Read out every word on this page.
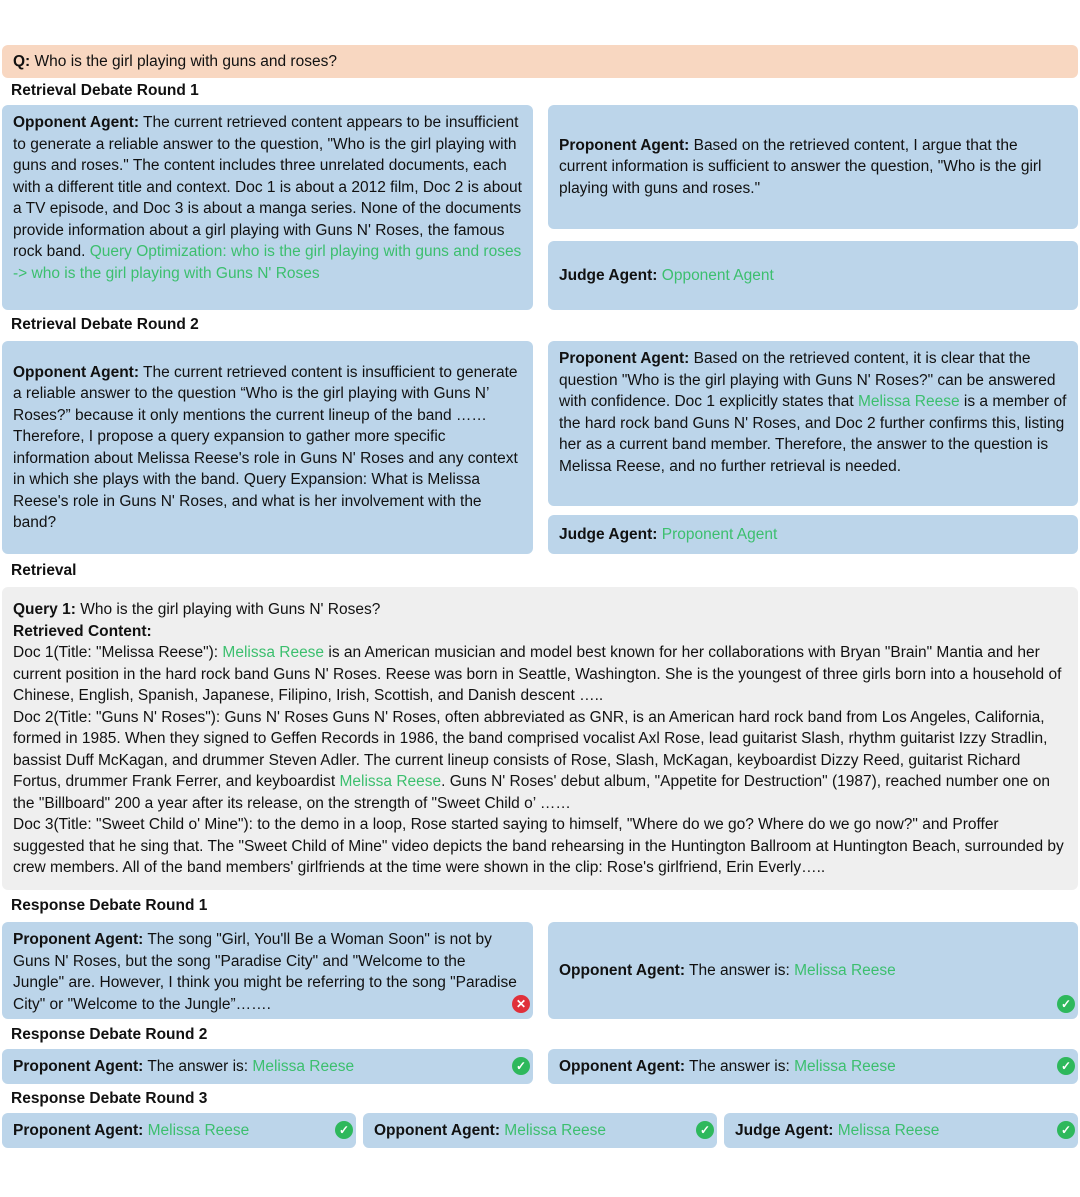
Q: Who is the girl playing with guns and roses?
Retrieval Debate Round 1
Opponent Agent: The current retrieved content appears to be insufficient to generate a reliable answer to the question, "Who is the girl playing with guns and roses." The content includes three unrelated documents, each with a different title and context. Doc 1 is about a 2012 film, Doc 2 is about a TV episode, and Doc 3 is about a manga series. None of the documents provide information about a girl playing with Guns N' Roses, the famous rock band. Query Optimization: who is the girl playing with guns and roses -> who is the girl playing with Guns N' Roses
Proponent Agent: Based on the retrieved content, I argue that the current information is sufficient to answer the question, "Who is the girl playing with guns and roses."
Judge Agent: Opponent Agent
Retrieval Debate Round 2
Opponent Agent: The current retrieved content is insufficient to generate a reliable answer to the question “Who is the girl playing with Guns N’ Roses?” because it only mentions the current lineup of the band …… Therefore, I propose a query expansion to gather more specific information about Melissa Reese's role in Guns N' Roses and any context in which she plays with the band. Query Expansion: What is Melissa Reese's role in Guns N' Roses, and what is her involvement with the band?
Proponent Agent: Based on the retrieved content, it is clear that the question "Who is the girl playing with Guns N' Roses?" can be answered with confidence. Doc 1 explicitly states that Melissa Reese is a member of the hard rock band Guns N' Roses, and Doc 2 further confirms this, listing her as a current band member. Therefore, the answer to the question is Melissa Reese, and no further retrieval is needed.
Judge Agent: Proponent Agent
Retrieval
Query 1: Who is the girl playing with Guns N' Roses?
Retrieved Content:
Doc 1(Title: "Melissa Reese"): Melissa Reese is an American musician and model best known for her collaborations with Bryan "Brain" Mantia and her current position in the hard rock band Guns N' Roses. Reese was born in Seattle, Washington. She is the youngest of three girls born into a household of Chinese, English, Spanish, Japanese, Filipino, Irish, Scottish, and Danish descent …..
Doc 2(Title: "Guns N' Roses"): Guns N' Roses Guns N' Roses, often abbreviated as GNR, is an American hard rock band from Los Angeles, California, formed in 1985. When they signed to Geffen Records in 1986, the band comprised vocalist Axl Rose, lead guitarist Slash, rhythm guitarist Izzy Stradlin, bassist Duff McKagan, and drummer Steven Adler. The current lineup consists of Rose, Slash, McKagan, keyboardist Dizzy Reed, guitarist Richard Fortus, drummer Frank Ferrer, and keyboardist Melissa Reese. Guns N' Roses' debut album, "Appetite for Destruction" (1987), reached number one on the "Billboard" 200 a year after its release, on the strength of "Sweet Child o’ ……
Doc 3(Title: "Sweet Child o' Mine"): to the demo in a loop, Rose started saying to himself, "Where do we go? Where do we go now?" and Proffer suggested that he sing that. The "Sweet Child of Mine" video depicts the band rehearsing in the Huntington Ballroom at Huntington Beach, surrounded by crew members. All of the band members' girlfriends at the time were shown in the clip: Rose's girlfriend, Erin Everly…..
Response Debate Round 1
Proponent Agent: The song "Girl, You'll Be a Woman Soon" is not by Guns N' Roses, but the song "Paradise City" and "Welcome to the Jungle" are. However, I think you might be referring to the song "Paradise City" or "Welcome to the Jungle”…….	✕
Opponent Agent: The answer is: Melissa Reese
✓
Response Debate Round 2
Proponent Agent: The answer is: Melissa Reese	✓ Opponent Agent: The answer is: Melissa Reese	✓
Response Debate Round 3
Proponent Agent: Melissa Reese	✓ Opponent Agent: Melissa Reese	✓ Judge Agent: Melissa Reese	✓
